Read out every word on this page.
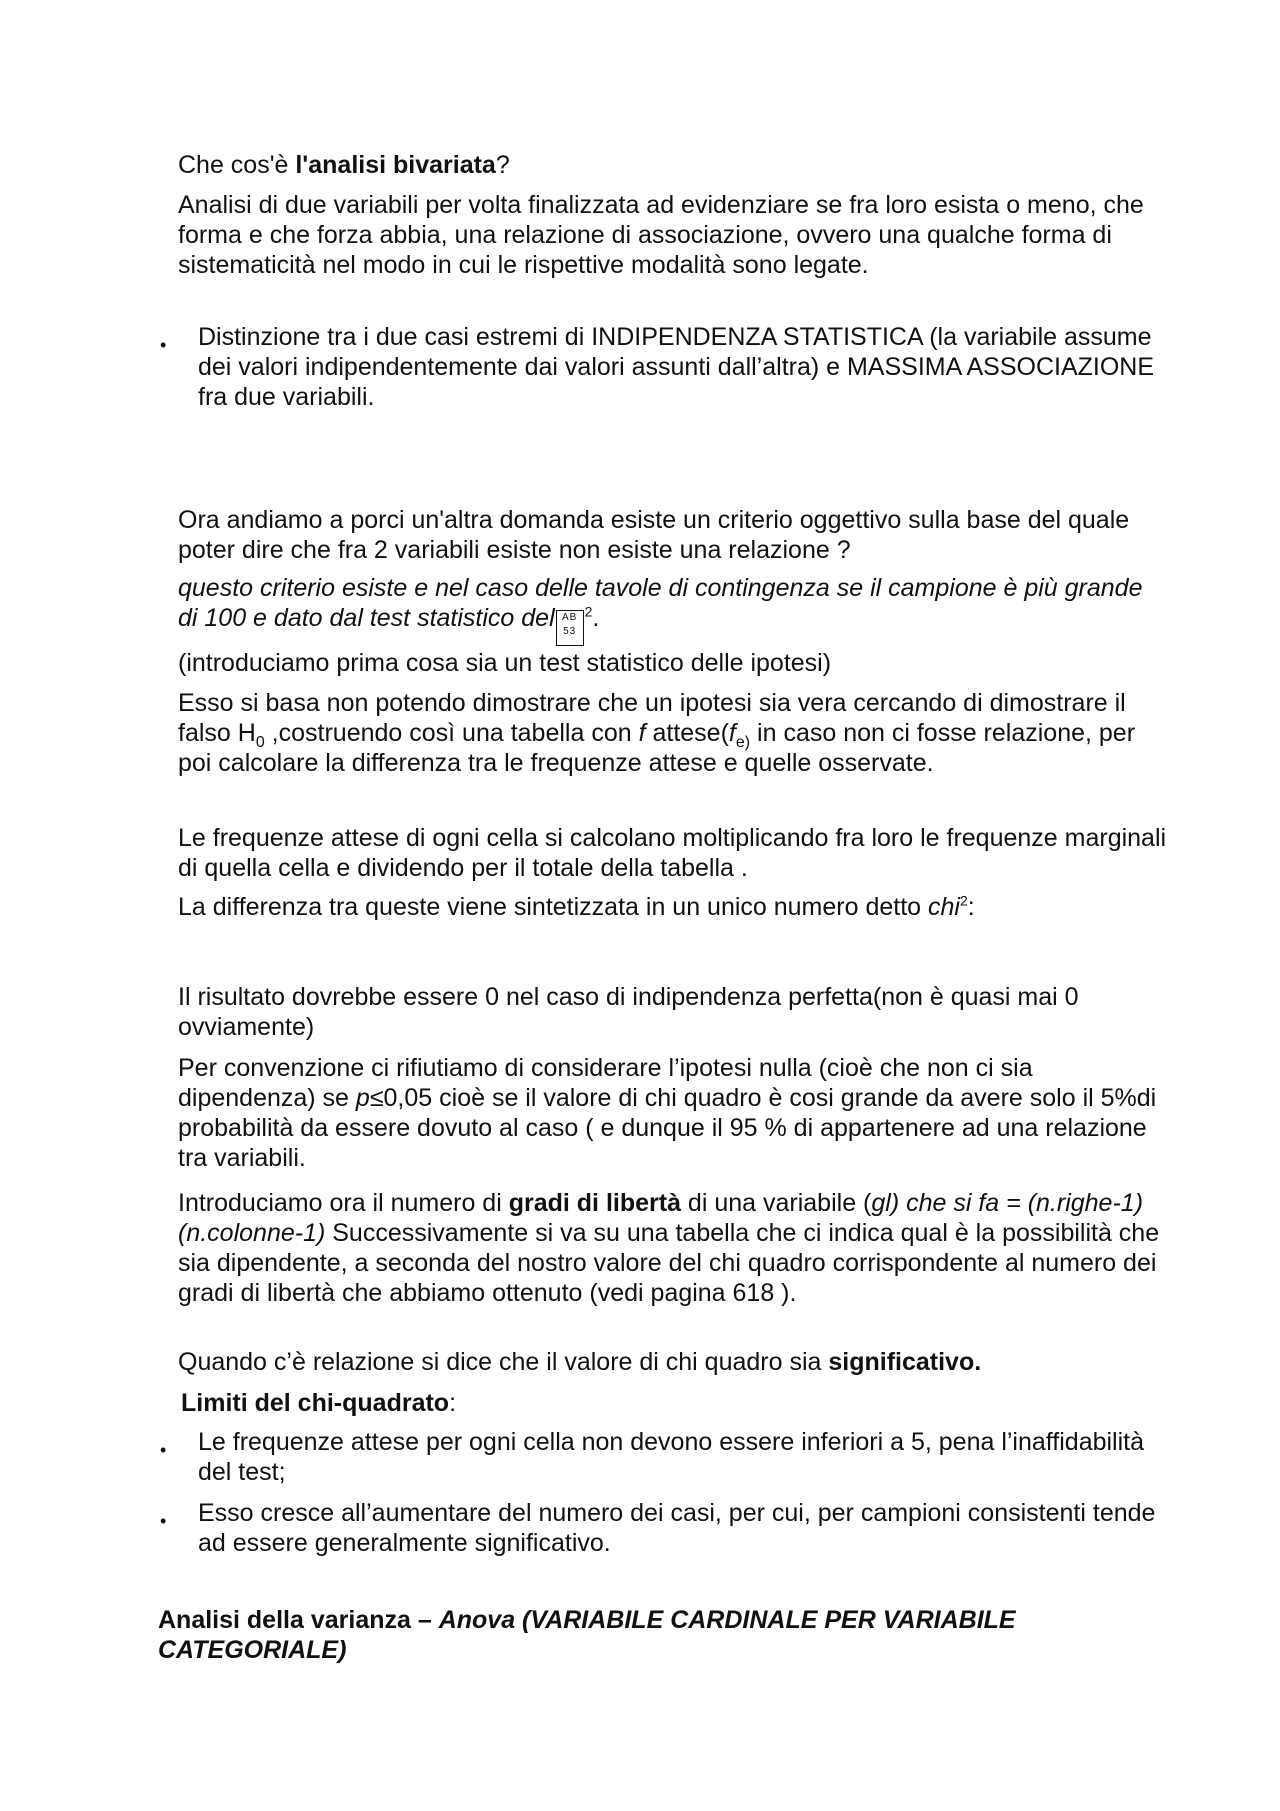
Che cos'è l'analisi bivariata?

Analisi di due variabili per volta finalizzata ad evidenziare se fra loro esista o meno, che forma e che forza abbia, una relazione di associazione, ovvero una qualche forma di sistematicità nel modo in cui le rispettive modalità sono legate.

•	Distinzione tra i due casi estremi di INDIPENDENZA STATISTICA (la variabile assume dei valori indipendentemente dai valori assunti dall’altra) e MASSIMA ASSOCIAZIONE fra due variabili.

Ora andiamo a porci un'altra domanda esiste un criterio oggettivo sulla base del quale poter dire che fra 2 variabili esiste non esiste una relazione ?

questo criterio esiste e nel caso delle tavole di contingenza se il campione è più grande di 100 e dato dal test statistico del AB
53
$^2$.

(introduciamo prima cosa sia un test statistico delle ipotesi)

Esso si basa non potendo dimostrare che un ipotesi sia vera cercando di dimostrare il falso $H_0$ ,costruendo così una tabella con f $attese(f_{e)}$ in caso non ci fosse relazione, per poi calcolare la differenza tra le frequenze attese e quelle osservate.

Le frequenze attese di ogni cella si calcolano moltiplicando fra loro le frequenze marginali di quella cella e dividendo per il totale della tabella .

La differenza tra queste viene sintetizzata in un unico numero detto chi$^2$:

Il risultato dovrebbe essere 0 nel caso di indipendenza perfetta(non è quasi mai 0 ovviamente)

Per convenzione ci rifiutiamo di considerare l’ipotesi nulla (cioè che non ci sia dipendenza) se p≤0,05 cioè se il valore di chi quadro è cosi grande da avere solo il 5%di probabilità da essere dovuto al caso ( e dunque il 95 % di appartenere ad una relazione tra variabili.

Introduciamo ora il numero di gradi di libertà di una variabile (gl) che si fa = (n.righe-1)(n.colonne-1) Successivamente si va su una tabella che ci indica qual è la possibilità che sia dipendente, a seconda del nostro valore del chi quadro corrispondente al numero dei gradi di libertà che abbiamo ottenuto (vedi pagina 618 ).

Quando c’è relazione si dice che il valore di chi quadro sia significativo.

Limiti del chi-quadrato:

•	Le frequenze attese per ogni cella non devono essere inferiori a 5, pena l’inaffidabilità del test;

•	Esso cresce all’aumentare del numero dei casi, per cui, per campioni consistenti tende ad essere generalmente significativo.

Analisi della varianza – Anova (VARIABILE CARDINALE PER VARIABILE CATEGORIALE)
